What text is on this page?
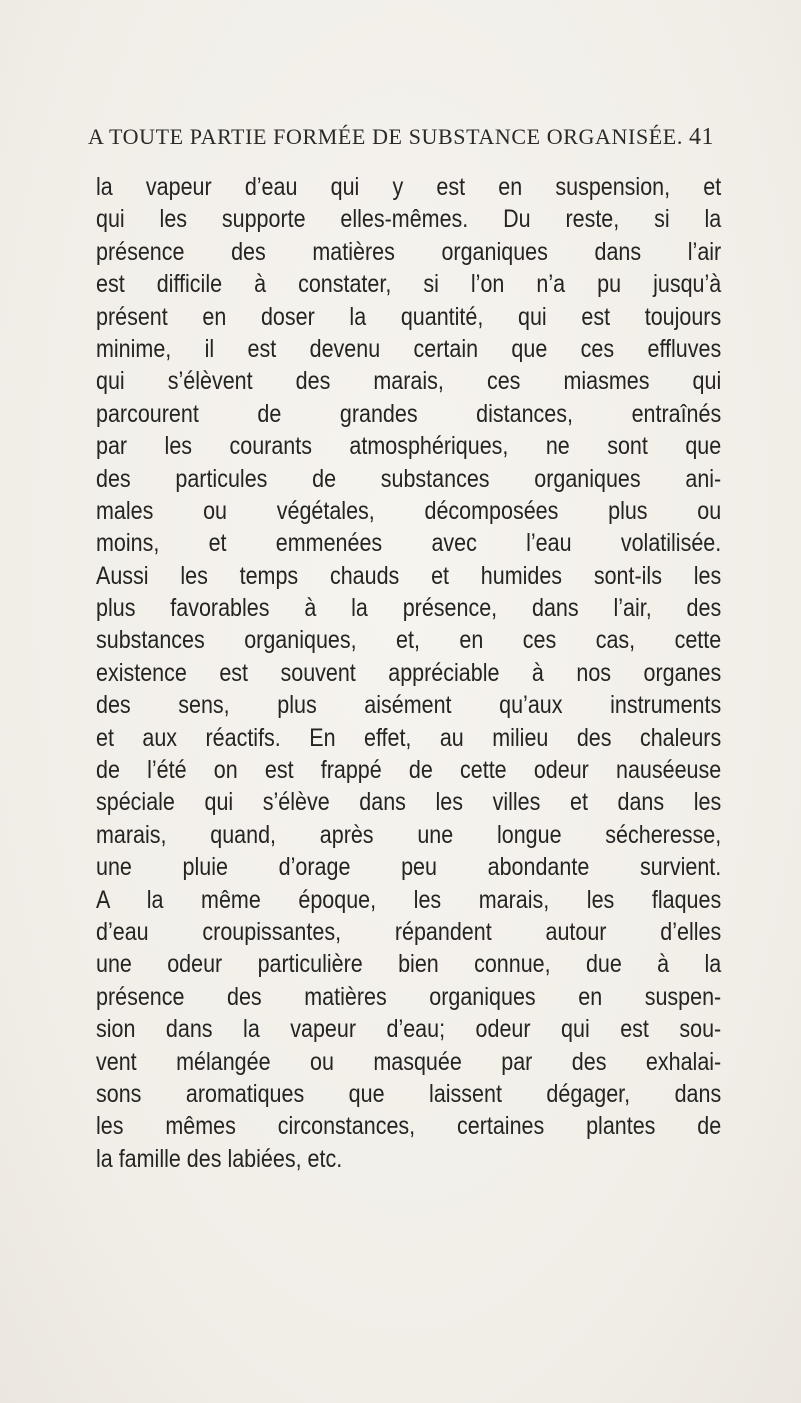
A TOUTE PARTIE FORMÉE DE SUBSTANCE ORGANISÉE. 41
la vapeur d’eau qui y est en suspension, et
qui les supporte elles-mêmes. Du reste, si la
présence des matières organiques dans l’air
est difficile à constater, si l’on n’a pu jusqu’à
présent en doser la quantité, qui est toujours
minime, il est devenu certain que ces effluves
qui s’élèvent des marais, ces miasmes qui
parcourent de grandes distances, entraînés
par les courants atmosphériques, ne sont que
des particules de substances organiques ani-
males ou végétales, décomposées plus ou
moins, et emmenées avec l’eau volatilisée.
Aussi les temps chauds et humides sont-ils les
plus favorables à la présence, dans l’air, des
substances organiques, et, en ces cas, cette
existence est souvent appréciable à nos organes
des sens, plus aisément qu’aux instruments
et aux réactifs. En effet, au milieu des chaleurs
de l’été on est frappé de cette odeur nauséeuse
spéciale qui s’élève dans les villes et dans les
marais, quand, après une longue sécheresse,
une pluie d’orage peu abondante survient.
A la même époque, les marais, les flaques
d’eau croupissantes, répandent autour d’elles
une odeur particulière bien connue, due à la
présence des matières organiques en suspen-
sion dans la vapeur d’eau; odeur qui est sou-
vent mélangée ou masquée par des exhalai-
sons aromatiques que laissent dégager, dans
les mêmes circonstances, certaines plantes de
la famille des labiées, etc.
